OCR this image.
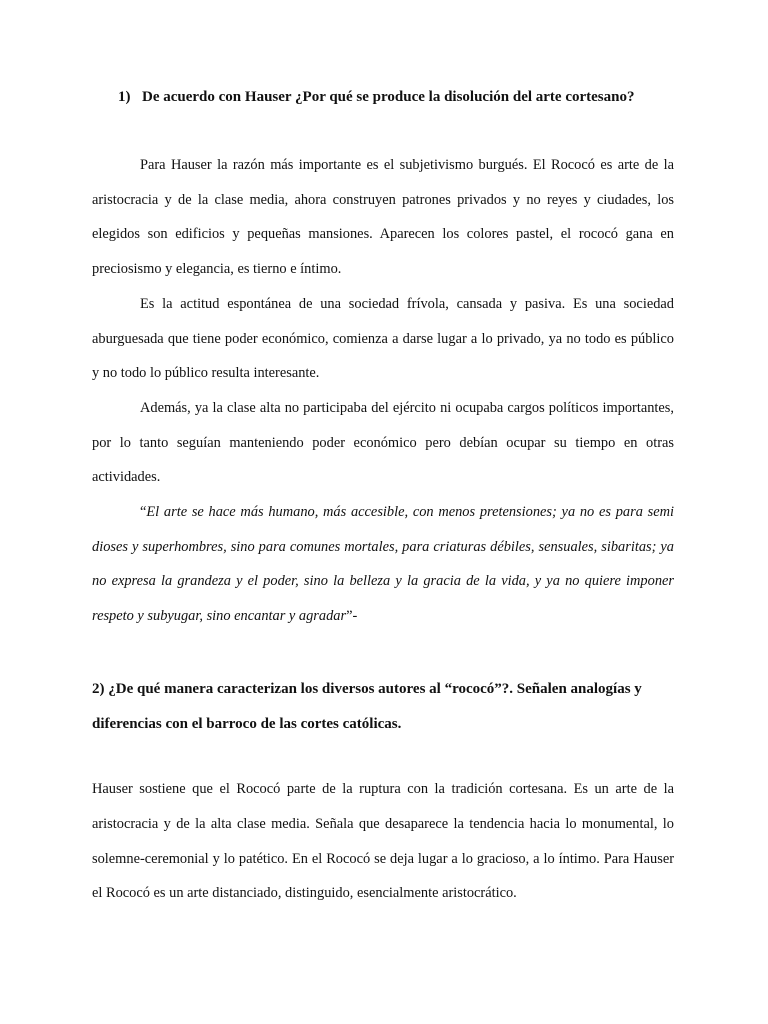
1) De acuerdo con Hauser ¿Por qué se produce la disolución del arte cortesano?

Para Hauser la razón más importante es el subjetivismo burgués. El Rococó es arte de la aristocracia y de la clase media, ahora construyen patrones privados y no reyes y ciudades, los elegidos son edificios y pequeñas mansiones. Aparecen los colores pastel, el rococó gana en preciosismo y elegancia, es tierno e íntimo.

Es la actitud espontánea de una sociedad frívola, cansada y pasiva. Es una sociedad aburguesada que tiene poder económico, comienza a darse lugar a lo privado, ya no todo es público y no todo lo público resulta interesante.

Además, ya la clase alta no participaba del ejército ni ocupaba cargos políticos importantes, por lo tanto seguían manteniendo poder económico pero debían ocupar su tiempo en otras actividades.

“El arte se hace más humano, más accesible, con menos pretensiones; ya no es para semi dioses y superhombres, sino para comunes mortales, para criaturas débiles, sensuales, sibaritas; ya no expresa la grandeza y el poder, sino la belleza y la gracia de la vida, y ya no quiere imponer respeto y subyugar, sino encantar y agradar”-

2) ¿De qué manera caracterizan los diversos autores al “rococó”?. Señalen analogías y diferencias con el barroco de las cortes católicas.

Hauser sostiene que el Rococó parte de la ruptura con la tradición cortesana. Es un arte de la aristocracia y de la alta clase media. Señala que desaparece la tendencia hacia lo monumental, lo solemne-ceremonial y lo patético. En el Rococó se deja lugar a lo gracioso, a lo íntimo. Para Hauser el Rococó es un arte distanciado, distinguido, esencialmente aristocrático.
